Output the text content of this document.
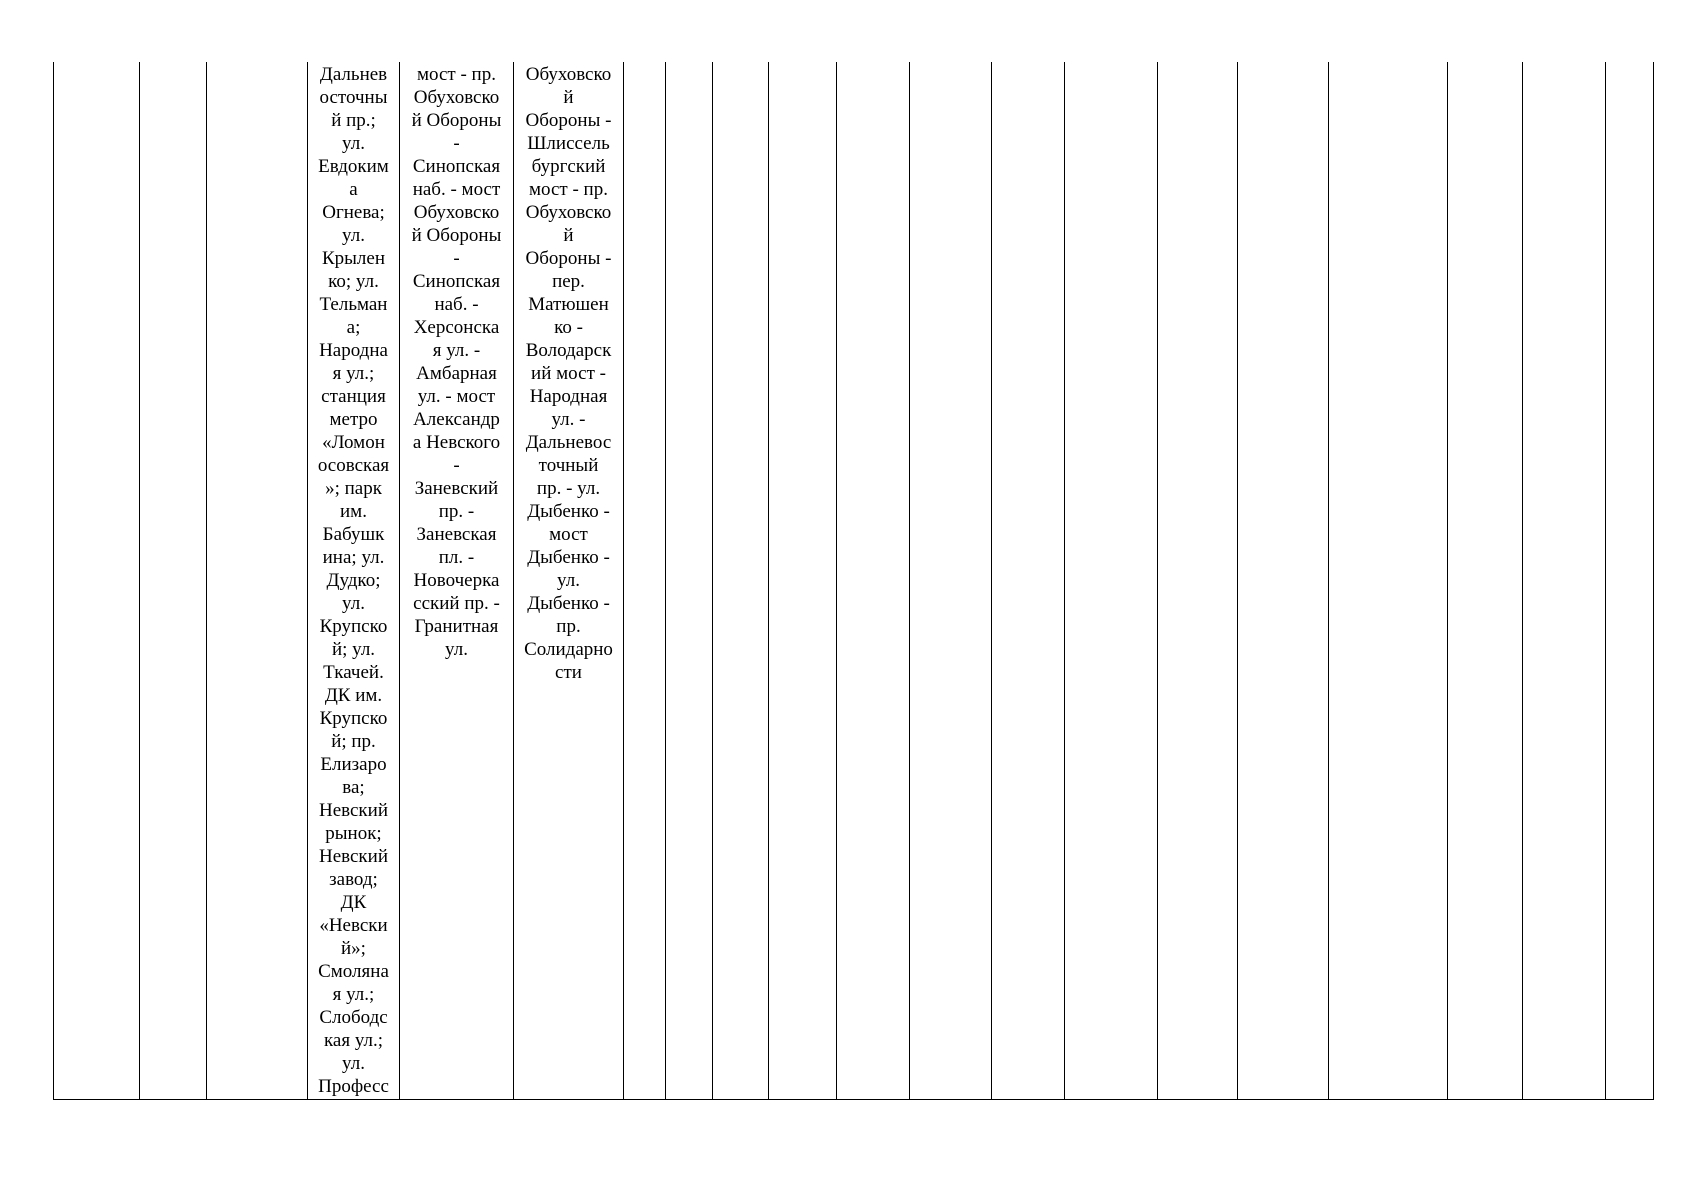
Дальнев
осточны
й пр.;
ул.
Евдоким
а
Огнева;
ул.
Крылен
ко; ул.
Тельман
а;
Народна
я ул.;
станция
метро
«Ломон
осовская
»; парк
им.
Бабушк
ина; ул.
Дудко;
ул.
Крупско
й; ул.
Ткачей.
ДК им.
Крупско
й; пр.
Елизаро
ва;
Невский
рынок;
Невский
завод;
ДК
«Невски
й»;
Смоляна
я ул.;
Слободс
кая ул.;
ул.
Професс

мост - пр.
Обуховско
й Обороны
-
Синопская
наб. - мост
Обуховско
й Обороны
-
Синопская
наб. -
Херсонска
я ул. -
Амбарная
ул. - мост
Александр
а Невского
-
Заневский
пр. -
Заневская
пл. -
Новочерка
сский пр. -
Гранитная
ул.

Обуховско
й
Обороны -
Шлиссель
бургский
мост - пр.
Обуховско
й
Обороны -
пер.
Матюшен
ко -
Володарск
ий мост -
Народная
ул. -
Дальневос
точный
пр. - ул.
Дыбенко -
мост
Дыбенко -
ул.
Дыбенко -
пр.
Солидарно
сти
